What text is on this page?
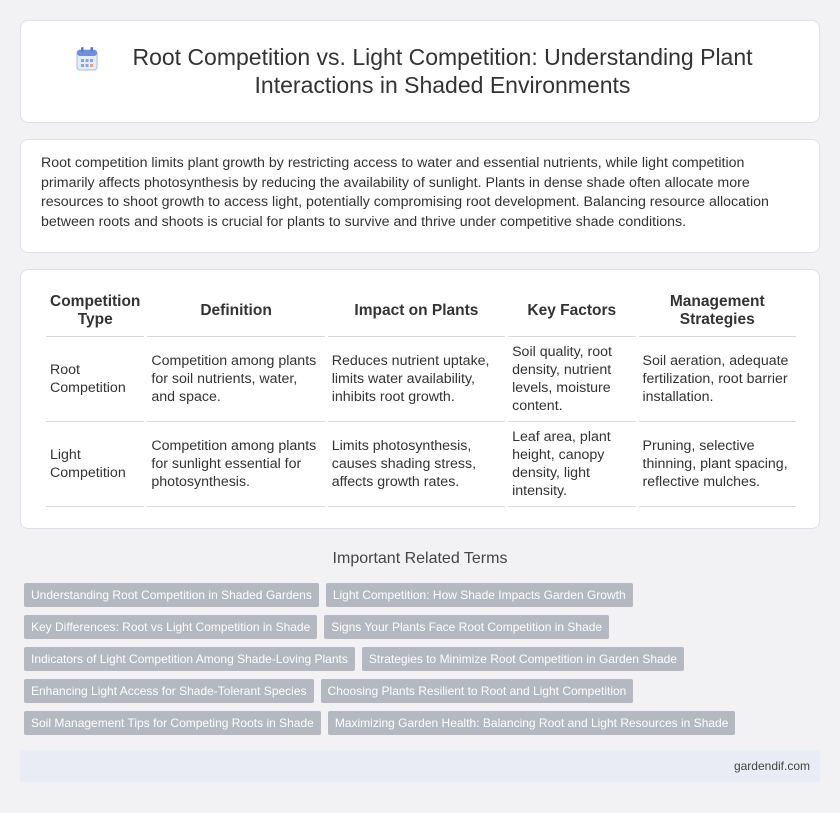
Root Competition vs. Light Competition: Understanding Plant Interactions in Shaded Environments

Root competition limits plant growth by restricting access to water and essential nutrients, while light competition primarily affects photosynthesis by reducing the availability of sunlight. Plants in dense shade often allocate more resources to shoot growth to access light, potentially compromising root development. Balancing resource allocation between roots and shoots is crucial for plants to survive and thrive under competitive shade conditions.

Competition Type	Definition	Impact on Plants	Key Factors	Management Strategies
Root Competition	Competition among plants for soil nutrients, water, and space.	Reduces nutrient uptake, limits water availability, inhibits root growth.	Soil quality, root density, nutrient levels, moisture content.	Soil aeration, adequate fertilization, root barrier installation.
Light Competition	Competition among plants for sunlight essential for photosynthesis.	Limits photosynthesis, causes shading stress, affects growth rates.	Leaf area, plant height, canopy density, light intensity.	Pruning, selective thinning, plant spacing, reflective mulches.
Important Related Terms
Understanding Root Competition in Shaded Gardens	Light Competition: How Shade Impacts Garden Growth
Key Differences: Root vs Light Competition in Shade	Signs Your Plants Face Root Competition in Shade
Indicators of Light Competition Among Shade-Loving Plants	Strategies to Minimize Root Competition in Garden Shade
Enhancing Light Access for Shade-Tolerant Species	Choosing Plants Resilient to Root and Light Competition
Soil Management Tips for Competing Roots in Shade	Maximizing Garden Health: Balancing Root and Light Resources in Shade
gardendif.com
